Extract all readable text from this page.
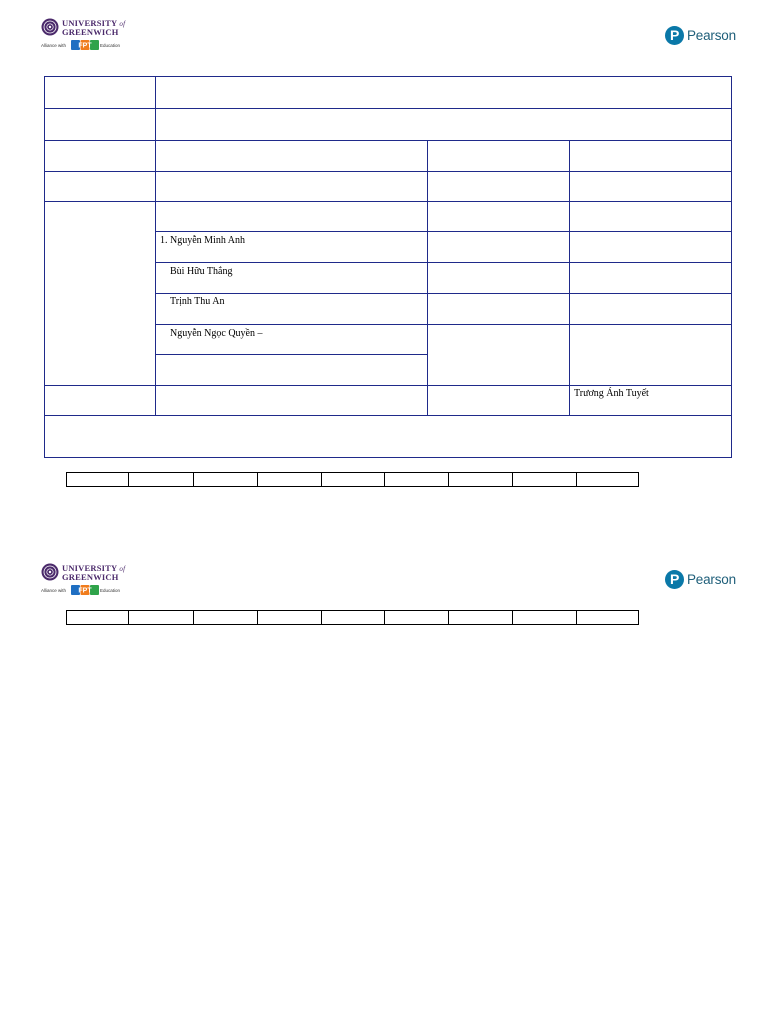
UNIVERSITY of
GREENWICH
Alliance with FPT Education
P Pearson
1. Nguyễn Minh Anh
Bùi Hữu Thắng
Trịnh Thu An
Nguyễn Ngọc Quyền –
Trương Ánh Tuyết
UNIVERSITY of
GREENWICH
Alliance with FPT Education
P Pearson
